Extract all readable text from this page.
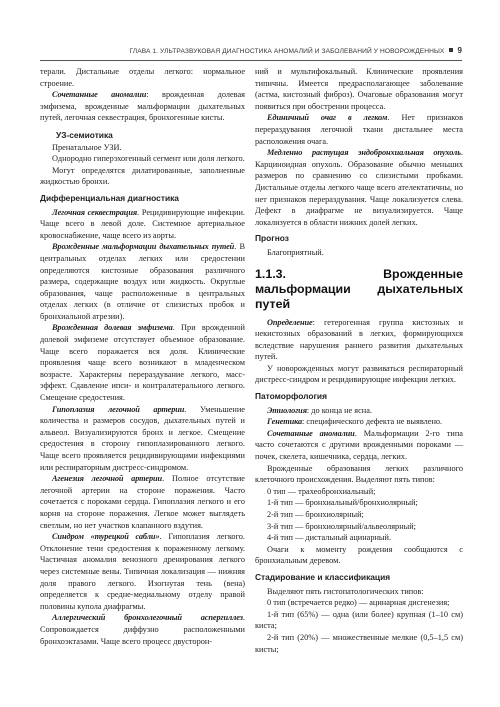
ГЛАВА 1. УЛЬТРАЗВУКОВАЯ ДИАГНОСТИКА АНОМАЛИЙ И ЗАБОЛЕВАНИЙ У НОВОРОЖДЕННЫХ 9

терали. Дистальные отделы легкого: нормальное строение.

Сочетанные аномалии: врожденная долевая эмфизема, врожденные мальформации дыхательных путей, легочная секвестрация, бронхогенные кисты.

УЗ-семиотика

Пренатальное УЗИ.

Однородно гиперэхогенный сегмент или доля легкого.

Могут определятся дилатированные, заполненные жидкостью бронхи.

Дифференциальная диагностика

Легочная секвестрация. Рецидивирующие инфекции. Чаще всего в левой доле. Системное артериальное кровоснабжение, чаще всего из аорты.

Врожденные мальформации дыхательных путей. В центральных отделах легких или средостении определяются кистозные образования различного размера, содержащие воздух или жидкость. Округлые образования, чаще расположенные в центральных отделах легких (в отличие от слизистых пробок и бронхиальной атрезии).

Врожденная долевая эмфизема. При врожденной долевой эмфиземе отсутствует объемное образование. Чаще всего поражается вся доля. Клинические проявления чаще всего возникают в младенческом возрасте. Характерны перераздувание легкого, масс-эффект. Сдавление ипси- и контралатерального легкого. Смещение средостения.

Гипоплазия легочной артерии. Уменьшение количества и размеров сосудов, дыхательных путей и альвеол. Визуализируются бронх и легкое. Смещение средостения в сторону гипоплазированного легкого. Чаще всего проявляется рецидивирующими инфекциями или респираторным дистресс-синдромом.

Агенезия легочной артерии. Полное отсутствие легочной артерии на стороне поражения. Часто сочетается с пороками сердца. Гипоплазия легкого и его корня на стороне поражения. Легкое может выглядеть светлым, но нет участков клапанного вздутия.

Синдром «турецкой сабли». Гипоплазия легкого. Отклонение тени средостения к пораженному легкому. Частичная аномалия венозного дренирования легкого через системные вены. Типичная локализация — нижняя доля правого легкого. Изогнутая тень (вена) определяется к средне-медиальному отделу правой половины купола диафрагмы.

Аллергический бронхолегочный аспергиллез. Сопровождается диффузно расположенными бронхоэктазами. Чаще всего процесс двусторон-

ний и мультифокальный. Клинические проявления типичны. Имеется предрасполагающее заболевание (астма, кистозный фиброз). Очаговые образования могут появиться при обострении процесса.

Единичный очаг в легком. Нет признаков перераздувания легочной ткани дистальнее места расположения очага.

Медленно растущая эндобронхиальная опухоль. Карциноидная опухоль. Образование обычно меньших размеров по сравнению со слизистыми пробками. Дистальные отделы легкого чаще всего ателектатичны, но нет признаков перераздувания. Чаще локализуется слева. Дефект в диафрагме не визуализируется. Чаще локализуется в области нижних долей легких.

Прогноз

Благоприятный.

1.1.3. Врожденные мальформации дыхательных путей

Определение: гетерогенная группа кистозных и некистозных образований в легких, формирующихся вследствие нарушения раннего развития дыхательных путей.

У новорожденных могут развиваться респираторный дистресс-синдром и рецидивирующие инфекции легких.

Патоморфология

Этиология: до конца не ясна.

Генетика: специфического дефекта не выявлено.

Сочетанные аномалии. Мальформации 2-го типа часто сочетаются с другими врожденными пороками — почек, скелета, кишечника, сердца, легких.

Врожденные образования легких различного клеточного происхождения. Выделяют пять типов:

0 тип — трахеобронхиальный;

1-й тип — бронхиальный/бронхиолярный;

2-й тип — бронхиолярный;

3-й тип — бронхиолярный/альвеолярный;

4-й тип — дистальный ацинарный.

Очаги к моменту рождения сообщаются с бронхиальным деревом.

Стадирование и классификация

Выделяют пять гистопатологических типов:

0 тип (встречается редко) — ацинарная дисгенезия;

1-й тип (65%) — одна (или более) крупная (1–10 см) киста;

2-й тип (20%) — множественные мелкие (0,5–1,5 см) кисты;
